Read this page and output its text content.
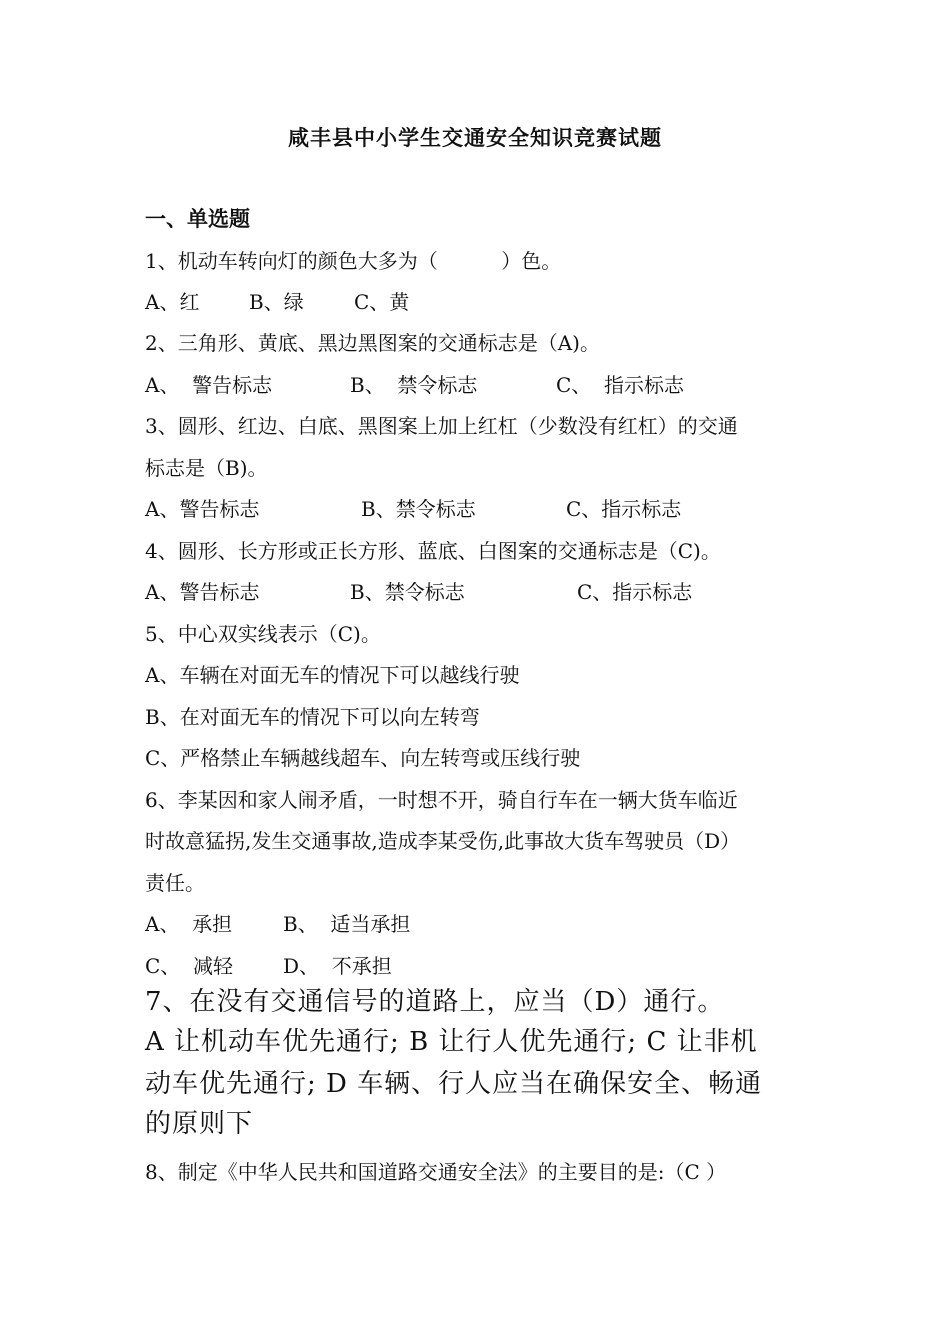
咸丰县中小学生交通安全知识竞赛试题
一、单选题
1、机动车转向灯的颜色大多为（          ）色。
A、红 B、绿	C、黄
2、三角形、黄底、黑边黑图案的交通标志是（A)。
A、  警告标志	B、  禁令标志	C、  指示标志
3、圆形、红边、白底、黑图案上加上红杠（少数没有红杠）的交通
标志是（B)。
A、警告标志	B、禁令标志	C、指示标志
4、圆形、长方形或正长方形、蓝底、白图案的交通标志是（C)。
A、警告标志	B、禁令标志	C、指示标志
5、中心双实线表示（C)。
A、车辆在对面无车的情况下可以越线行驶
B、在对面无车的情况下可以向左转弯
C、严格禁止车辆越线超车、向左转弯或压线行驶
6、李某因和家人闹矛盾，一时想不开，骑自行车在一辆大货车临近
时故意猛拐,发生交通事故,造成李某受伤,此事故大货车驾驶员（D）
责任。
A、  承担	B、  适当承担
C、  减轻 D、  不承担
7、在没有交通信号的道路上，应当（D）通行。
A 让机动车优先通行; B 让行人优先通行; C 让非机
动车优先通行; D 车辆、行人应当在确保安全、畅通
的原则下
8、制定《中华人民共和国道路交通安全法》的主要目的是:（C ）
